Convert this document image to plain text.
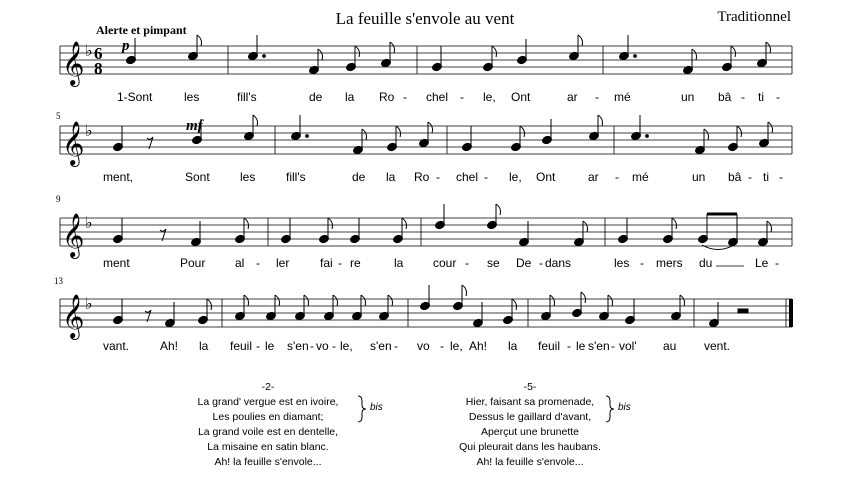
La feuille s'envole au vent	Traditionnel
Alerte et pimpant
𝄞 ♭ 6
8
p
1-Sont	les	fill's	de la Ro - chel - le, Ont	ar - mé	un bâ - ti -
5
𝄞 ♭	mf
ment,	Sont	les	fill's	de la Ro - chel - le, Ont	ar - mé	un bâ - ti -
9
𝄞 ♭
ment	Pour al - ler	fai - re	la cour - se De - dans	les - mers du	Le -
13
𝄞 ♭
vant.	Ah! la feuil - le s'en - vo - le, s'en - vo - le, Ah! la feuil - le s'en - vol' au vent.
-2-
La grand' vergue est en ivoire,
Les poulies en diamant;
La grand voile est en dentelle,
La misaine en satin blanc.
Ah! la feuille s'envole...
bis
-5-
Hier, faisant sa promenade,
Dessus le gaillard d'avant,
Aperçut une brunette
Qui pleurait dans les haubans.
Ah! la feuille s'envole...
bis
